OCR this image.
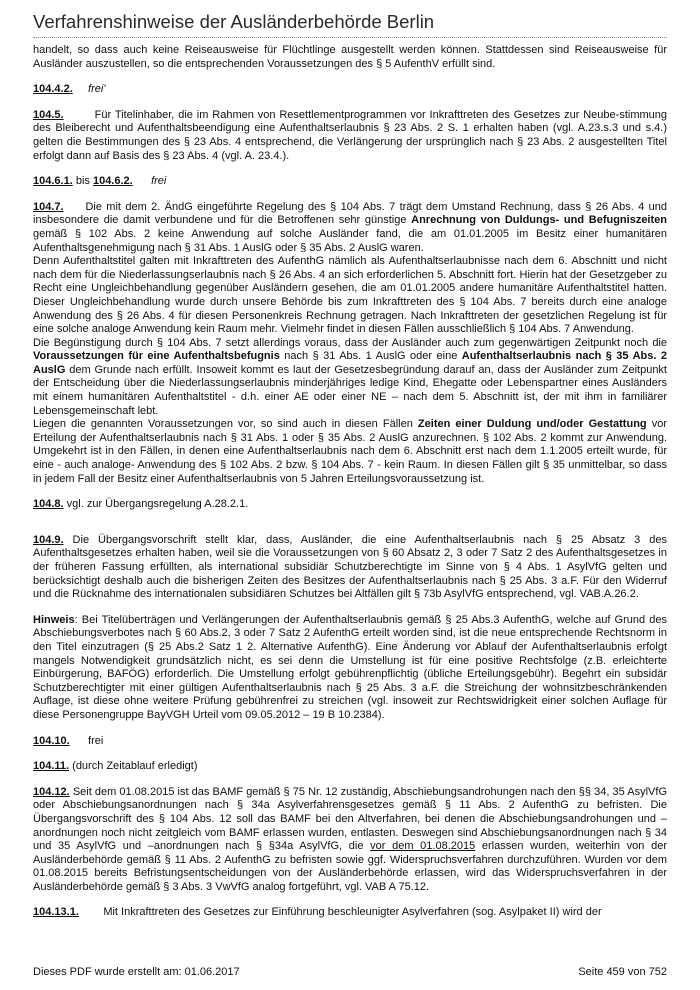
Verfahrenshinweise der Ausländerbehörde Berlin

handelt, so dass auch keine Reiseausweise für Flüchtlinge ausgestellt werden können. Stattdessen sind Reiseausweise für Ausländer auszustellen, so die entsprechenden Voraussetzungen des § 5 AufenthV erfüllt sind.

104.4.2. frei'

104.5.	Für Titelinhaber, die im Rahmen von Resettlementprogrammen vor Inkrafttreten des Gesetzes zur Neube-stimmung des Bleiberecht und Aufenthaltsbeendigung eine Aufenthaltserlaubnis § 23 Abs. 2 S. 1 erhalten haben (vgl. A.23.s.3 und s.4.) gelten die Bestimmungen des § 23 Abs. 4 entsprechend, die Verlängerung der ursprünglich nach § 23 Abs. 2 ausgestellten Titel erfolgt dann auf Basis des § 23 Abs. 4 (vgl. A. 23.4.).

104.6.1. bis 104.6.2. frei

104.7. Die mit dem 2. ÄndG eingeführte Regelung des § 104 Abs. 7 trägt dem Umstand Rechnung, dass § 26 Abs. 4 und insbesondere die damit verbundene und für die Betroffenen sehr günstige Anrechnung von Duldungs- und Befugniszeiten gemäß § 102 Abs. 2 keine Anwendung auf solche Ausländer fand, die am 01.01.2005 im Besitz einer humanitären Aufenthaltsgenehmigung nach § 31 Abs. 1 AuslG oder § 35 Abs. 2 AuslG waren.
Denn Aufenthaltstitel galten mit Inkrafttreten des AufenthG nämlich als Aufenthaltserlaubnisse nach dem 6. Abschnitt und nicht nach dem für die Niederlassungserlaubnis nach § 26 Abs. 4 an sich erforderlichen 5. Abschnitt fort. Hierin hat der Gesetzgeber zu Recht eine Ungleichbehandlung gegenüber Ausländern gesehen, die am 01.01.2005 andere humanitäre Aufenthaltstitel hatten. Dieser Ungleichbehandlung wurde durch unsere Behörde bis zum Inkrafttreten des § 104 Abs. 7 bereits durch eine analoge Anwendung des § 26 Abs. 4 für diesen Personenkreis Rechnung getragen. Nach Inkrafttreten der gesetzlichen Regelung ist für eine solche analoge Anwendung kein Raum mehr. Vielmehr findet in diesen Fällen ausschließlich § 104 Abs. 7 Anwendung.
Die Begünstigung durch § 104 Abs. 7 setzt allerdings voraus, dass der Ausländer auch zum gegenwärtigen Zeitpunkt noch die Voraussetzungen für eine Aufenthaltsbefugnis nach § 31 Abs. 1 AuslG oder eine Aufenthaltserlaubnis nach § 35 Abs. 2 AuslG dem Grunde nach erfüllt. Insoweit kommt es laut der Gesetzesbegründung darauf an, dass der Ausländer zum Zeitpunkt der Entscheidung über die Niederlassungserlaubnis minderjähriges ledige Kind, Ehegatte oder Lebenspartner eines Ausländers mit einem humanitären Aufenthaltstitel - d.h. einer AE oder einer NE – nach dem 5. Abschnitt ist, der mit ihm in familiärer Lebensgemeinschaft lebt.
Liegen die genannten Voraussetzungen vor, so sind auch in diesen Fällen Zeiten einer Duldung und/oder Gestattung vor Erteilung der Aufenthaltserlaubnis nach § 31 Abs. 1 oder § 35 Abs. 2 AuslG anzurechnen. § 102 Abs. 2 kommt zur Anwendung. Umgekehrt ist in den Fällen, in denen eine Aufenthaltserlaubnis nach dem 6. Abschnitt erst nach dem 1.1.2005 erteilt wurde, für eine - auch analoge- Anwendung des § 102 Abs. 2 bzw. § 104 Abs. 7 - kein Raum. In diesen Fällen gilt § 35 unmittelbar, so dass in jedem Fall der Besitz einer Aufenthaltserlaubnis von 5 Jahren Erteilungsvoraussetzung ist.

104.8. vgl. zur Übergangsregelung A.28.2.1.

104.9. Die Übergangsvorschrift stellt klar, dass, Ausländer, die eine Aufenthaltserlaubnis nach § 25 Absatz 3 des Aufenthaltsgesetzes erhalten haben, weil sie die Voraussetzungen von § 60 Absatz 2, 3 oder 7 Satz 2 des Aufenthaltsgesetzes in der früheren Fassung erfüllten, als international subsidiär Schutzberechtigte im Sinne von § 4 Abs. 1 AsylVfG gelten und berücksichtigt deshalb auch die bisherigen Zeiten des Besitzes der Aufenthaltserlaubnis nach § 25 Abs. 3 a.F. Für den Widerruf und die Rücknahme des internationalen subsidiären Schutzes bei Altfällen gilt § 73b AsylVfG entsprechend, vgl. VAB.A.26.2.

Hinweis: Bei Titelüberträgen und Verlängerungen der Aufenthaltserlaubnis gemäß § 25 Abs.3 AufenthG, welche auf Grund des Abschiebungsverbotes nach § 60 Abs.2, 3 oder 7 Satz 2 AufenthG erteilt worden sind, ist die neue entsprechende Rechtsnorm in den Titel einzutragen (§ 25 Abs.2 Satz 1 2. Alternative AufenthG). Eine Änderung vor Ablauf der Aufenthaltserlaubnis erfolgt mangels Notwendigkeit grundsätzlich nicht, es sei denn die Umstellung ist für eine positive Rechtsfolge (z.B. erleichterte Einbürgerung, BAFÖG) erforderlich. Die Umstellung erfolgt gebührenpflichtig (übliche Erteilungsgebühr). Begehrt ein subsidär Schutzberechtigter mit einer gültigen Aufenthaltserlaubnis nach § 25 Abs. 3 a.F. die Streichung der wohnsitzbeschränkenden Auflage, ist diese ohne weitere Prüfung gebührenfrei zu streichen (vgl. insoweit zur Rechtswidrigkeit einer solchen Auflage für diese Personengruppe BayVGH Urteil vom 09.05.2012 – 19 B 10.2384).

104.10. frei

104.11. (durch Zeitablauf erledigt)

104.12. Seit dem 01.08.2015 ist das BAMF gemäß § 75 Nr. 12 zuständig, Abschiebungsandrohungen nach den §§ 34, 35 AsylVfG oder Abschiebungsanordnungen nach § 34a Asylverfahrensgesetzes gemäß § 11 Abs. 2 AufenthG zu befristen. Die Übergangsvorschrift des § 104 Abs. 12 soll das BAMF bei den Altverfahren, bei denen die Abschiebungsandrohungen und –anordnungen noch nicht zeitgleich vom BAMF erlassen wurden, entlasten. Deswegen sind Abschiebungsanordnungen nach § 34 und 35 AsylVfG und –anordnungen nach § §34a AsylVfG, die vor dem 01.08.2015 erlassen wurden, weiterhin von der Ausländerbehörde gemäß § 11 Abs. 2 AufenthG zu befristen sowie ggf. Widerspruchsverfahren durchzuführen. Wurden vor dem 01.08.2015 bereits Befristungsentscheidungen von der Ausländerbehörde erlassen, wird das Widerspruchsverfahren in der Ausländerbehörde gemäß § 3 Abs. 3 VwVfG analog fortgeführt, vgl. VAB A 75.12.

104.13.1. Mit Inkrafttreten des Gesetzes zur Einführung beschleunigter Asylverfahren (sog. Asylpaket II) wird der

Dieses PDF wurde erstellt am: 01.06.2017	Seite 459 von 752
